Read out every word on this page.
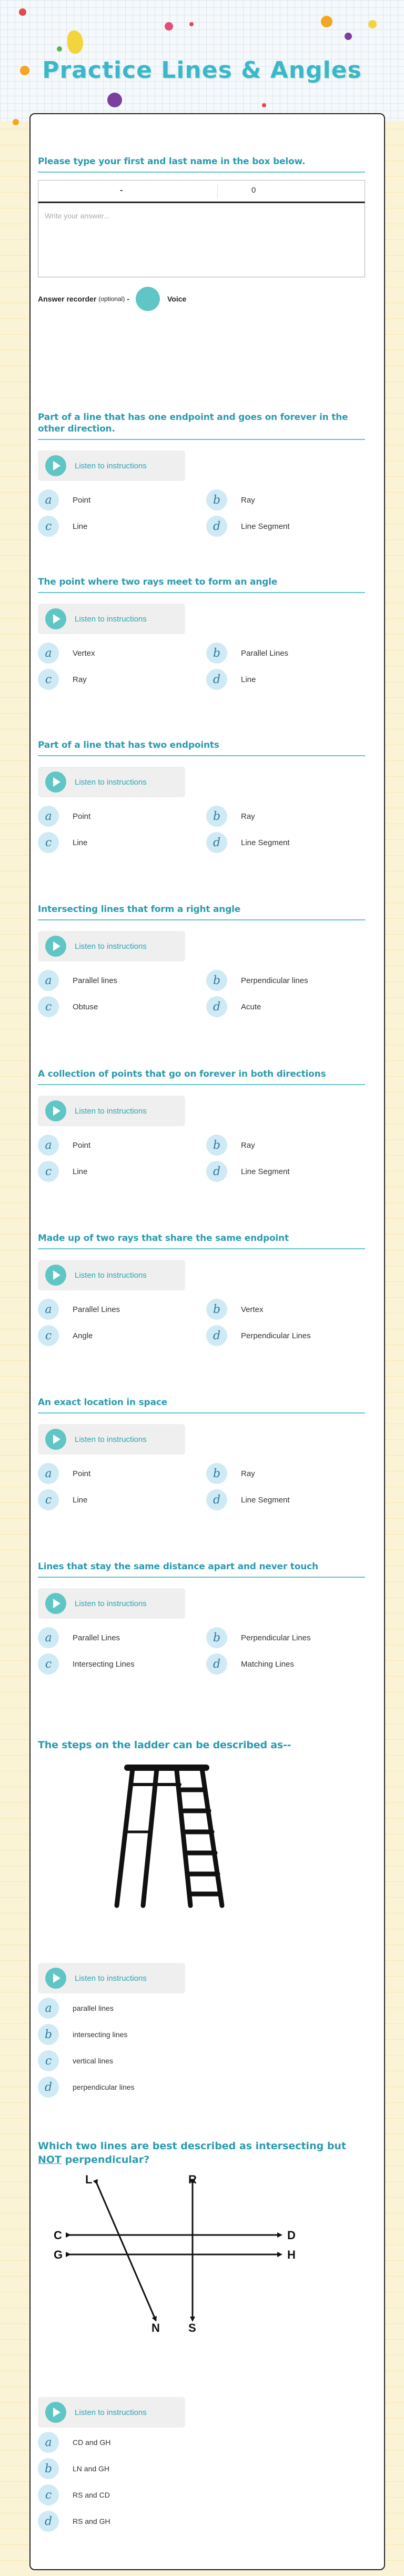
Practice Lines & Angles
Please type your first and last name in the box below.
-	0
Write your answer...
Answer recorder (optional) -	Voice
Part of a line that has one endpoint and goes on forever in the other direction.
Listen to instructions
a	Point	b	Ray
c	Line	d	Line Segment
The point where two rays meet to form an angle
Listen to instructions
a	Vertex	b	Parallel Lines
c	Ray	d	Line
Part of a line that has two endpoints
Listen to instructions
a	Point	b	Ray
c	Line	d	Line Segment
Intersecting lines that form a right angle
Listen to instructions
a	Parallel lines	b	Perpendicular lines
c	Obtuse	d	Acute
A collection of points that go on forever in both directions
Listen to instructions
a	Point	b	Ray
c	Line	d	Line Segment
Made up of two rays that share the same endpoint
Listen to instructions
a	Parallel Lines	b	Vertex
c	Angle	d	Perpendicular Lines
An exact location in space
Listen to instructions
a	Point	b	Ray
c	Line	d	Line Segment
Lines that stay the same distance apart and never touch
Listen to instructions
a	Parallel Lines	b	Perpendicular Lines
c	Intersecting Lines	d	Matching Lines
The steps on the ladder can be described as--
Listen to instructions
a	parallel lines
b	intersecting lines
c	vertical lines
d	perpendicular lines
Which two lines are best described as intersecting but NOT perpendicular?
L	R
C	D
G	H
N S
Listen to instructions
a	CD and GH
b	LN and GH
c	RS and CD
d	RS and GH
